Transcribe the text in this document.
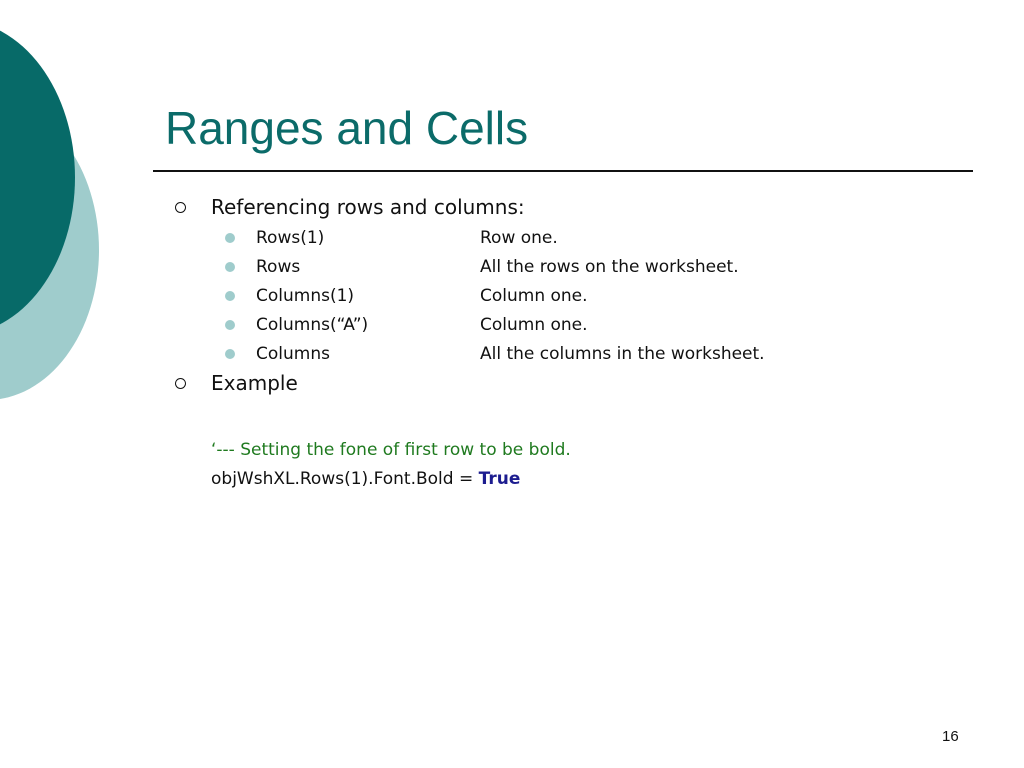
Ranges and Cells
Referencing rows and columns:
Rows(1)	Row one.
Rows	All the rows on the worksheet.
Columns(1)	Column one.
Columns(“A”)	Column one.
Columns	All the columns in the worksheet.
Example
‘--- Setting the fone of first row to be bold.
objWshXL.Rows(1).Font.Bold = True
16
